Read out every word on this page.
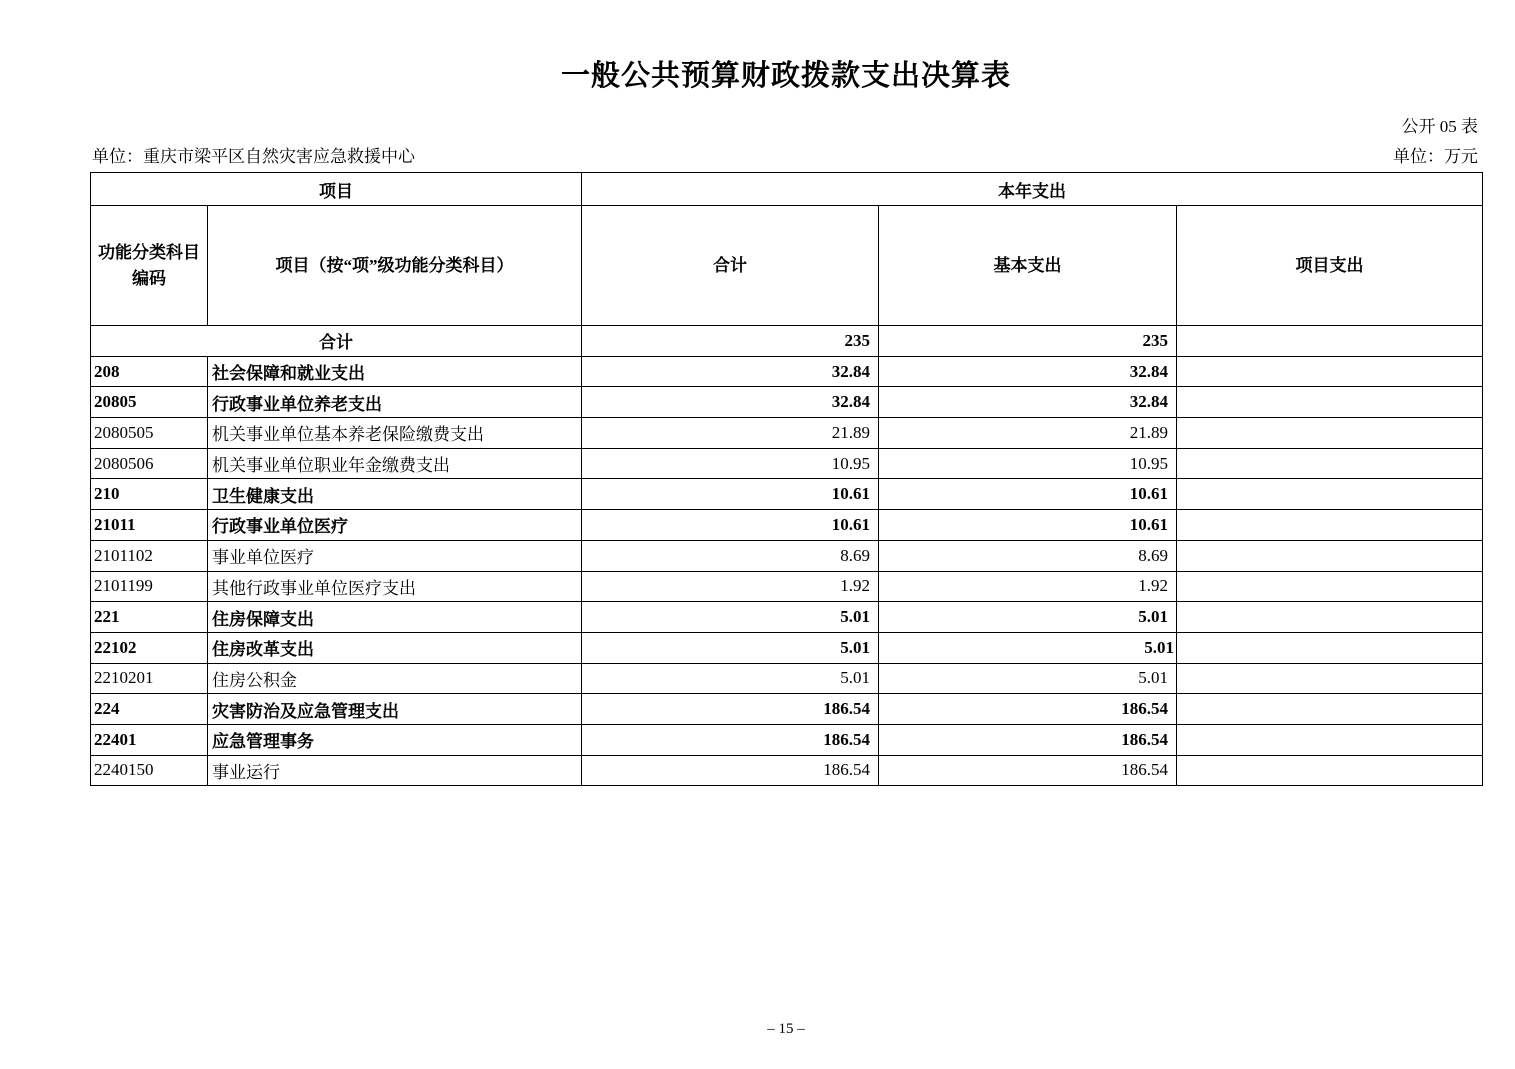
一般公共预算财政拨款支出决算表
公开 05 表
单位：重庆市梁平区自然灾害应急救援中心	单位：万元
项目		本年支出		
功能分类科目
编码	项目（按“项”级功能分类科目）	合计	基本支出	项目支出
合计		235	235	
208	社会保障和就业支出	32.84	32.84	
20805	行政事业单位养老支出	32.84	32.84	
2080505	机关事业单位基本养老保险缴费支出	21.89	21.89	
2080506	机关事业单位职业年金缴费支出	10.95	10.95	
210	卫生健康支出	10.61	10.61	
21011	行政事业单位医疗	10.61	10.61	
2101102	事业单位医疗	8.69	8.69	
2101199	其他行政事业单位医疗支出	1.92	1.92	
221	住房保障支出	5.01	5.01	
22102	住房改革支出	5.01	5.01	
2210201	住房公积金	5.01	5.01	
224	灾害防治及应急管理支出	186.54	186.54	
22401	应急管理事务	186.54	186.54	
2240150	事业运行	186.54	186.54	
– 15 –
